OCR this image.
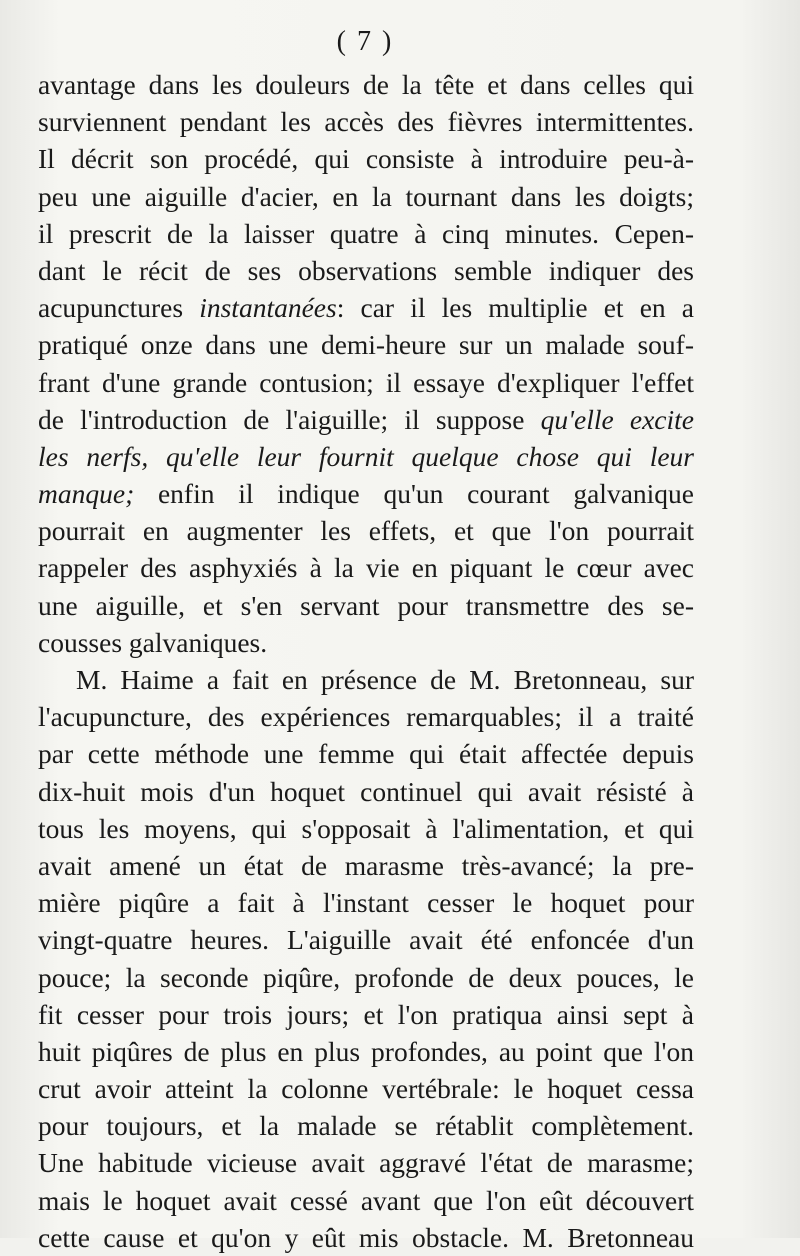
( 7 )
avantage dans les douleurs de la tête et dans celles qui
surviennent pendant les accès des fièvres intermittentes.
Il décrit son procédé, qui consiste à introduire peu-à-
peu une aiguille d'acier, en la tournant dans les doigts;
il prescrit de la laisser quatre à cinq minutes. Cepen-
dant le récit de ses observations semble indiquer des
acupunctures instantanées: car il les multiplie et en a
pratiqué onze dans une demi-heure sur un malade souf-
frant d'une grande contusion; il essaye d'expliquer l'effet
de l'introduction de l'aiguille; il suppose qu'elle excite
les nerfs, qu'elle leur fournit quelque chose qui leur
manque; enfin il indique qu'un courant galvanique
pourrait en augmenter les effets, et que l'on pourrait
rappeler des asphyxiés à la vie en piquant le cœur avec
une aiguille, et s'en servant pour transmettre des se-
cousses galvaniques.
M. Haime a fait en présence de M. Bretonneau, sur
l'acupuncture, des expériences remarquables; il a traité
par cette méthode une femme qui était affectée depuis
dix-huit mois d'un hoquet continuel qui avait résisté à
tous les moyens, qui s'opposait à l'alimentation, et qui
avait amené un état de marasme très-avancé; la pre-
mière piqûre a fait à l'instant cesser le hoquet pour
vingt-quatre heures. L'aiguille avait été enfoncée d'un
pouce; la seconde piqûre, profonde de deux pouces, le
fit cesser pour trois jours; et l'on pratiqua ainsi sept à
huit piqûres de plus en plus profondes, au point que l'on
crut avoir atteint la colonne vertébrale: le hoquet cessa
pour toujours, et la malade se rétablit complètement.
Une habitude vicieuse avait aggravé l'état de marasme;
mais le hoquet avait cessé avant que l'on eût découvert
cette cause et qu'on y eût mis obstacle. M. Bretonneau
